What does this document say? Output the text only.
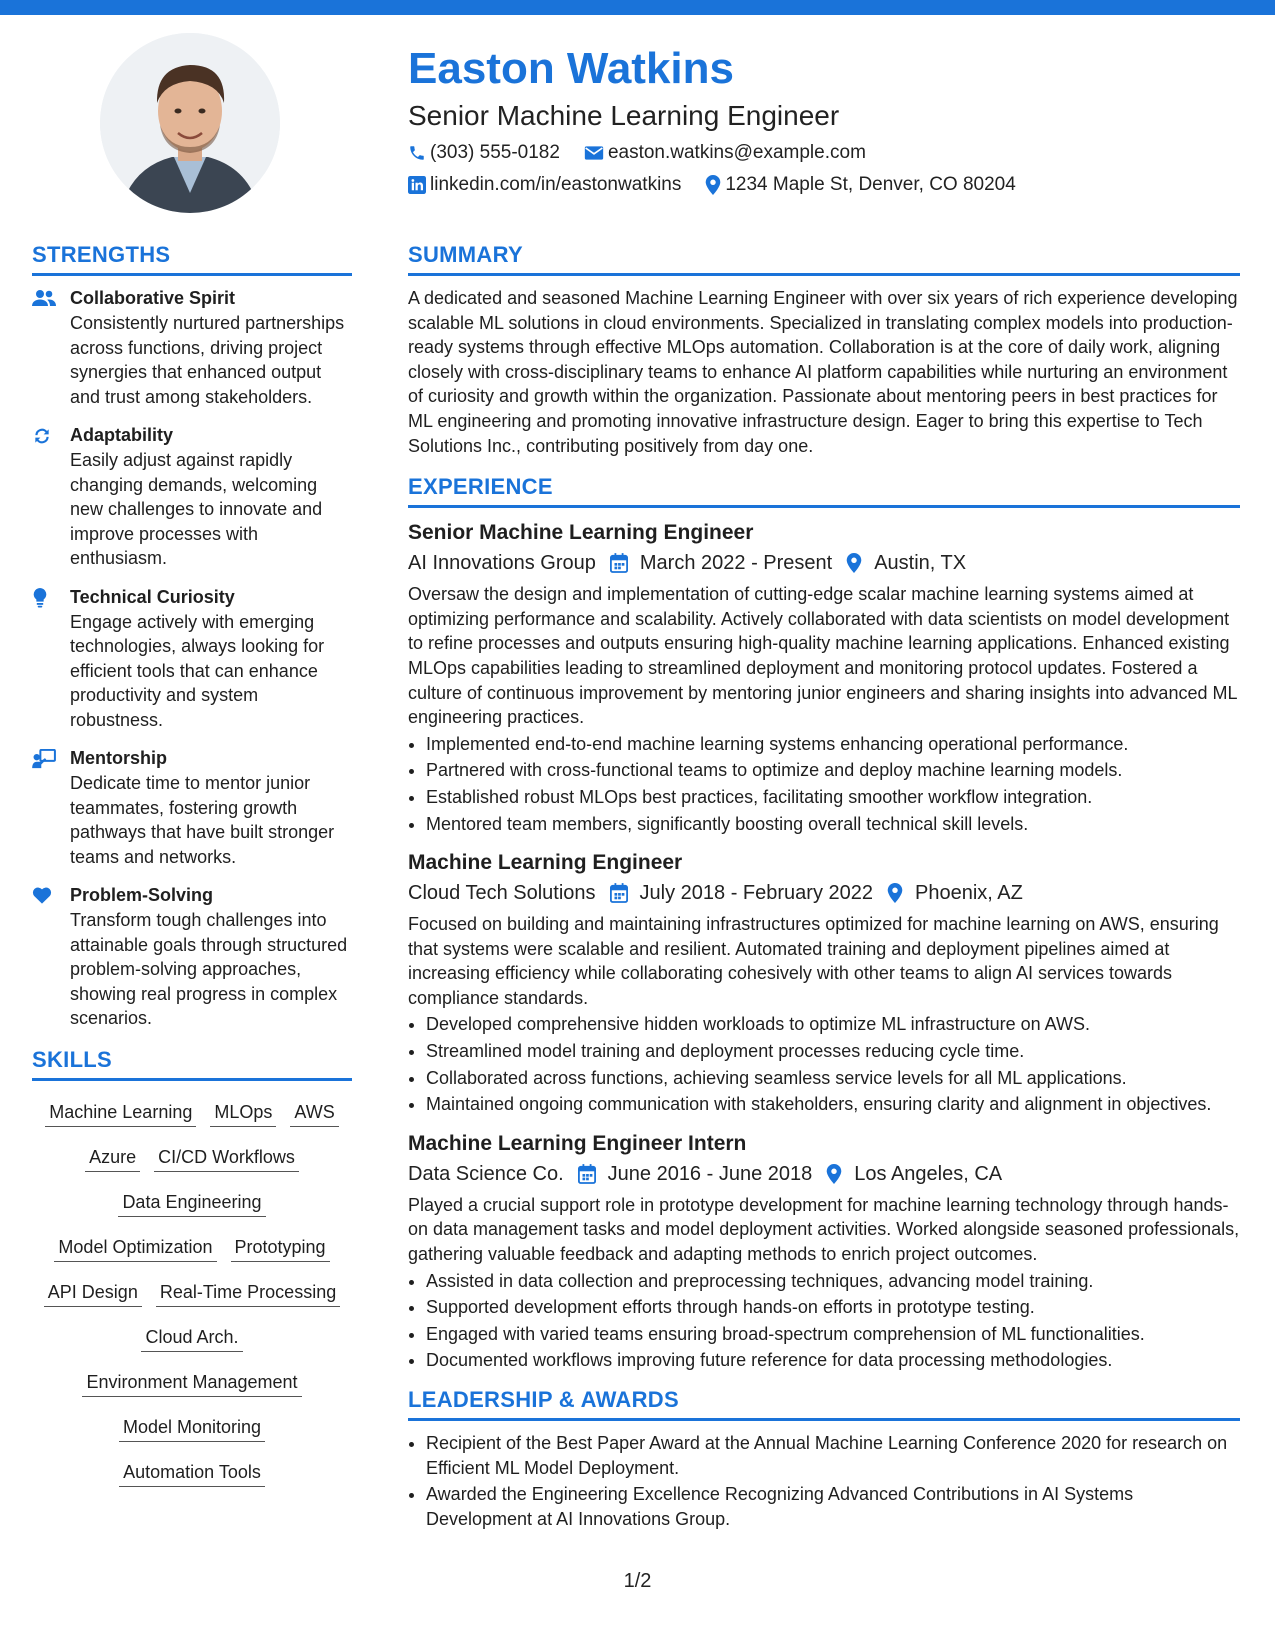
Easton Watkins
Senior Machine Learning Engineer
(303) 555-0182	easton.watkins@example.com
linkedin.com/in/eastonwatkins 1234 Maple St, Denver, CO 80204
STRENGTHS
Collaborative Spirit
Consistently nurtured partnerships across functions, driving project synergies that enhanced output and trust among stakeholders.
Adaptability
Easily adjust against rapidly changing demands, welcoming new challenges to innovate and improve processes with enthusiasm.
Technical Curiosity
Engage actively with emerging technologies, always looking for efficient tools that can enhance productivity and system robustness.
Mentorship
Dedicate time to mentor junior teammates, fostering growth pathways that have built stronger teams and networks.
Problem-Solving
Transform tough challenges into attainable goals through structured problem-solving approaches, showing real progress in complex scenarios.
SKILLS
Machine Learning MLOps AWS
Azure CI/CD Workflows
Data Engineering
Model Optimization Prototyping
API Design Real-Time Processing
Cloud Arch.
Environment Management
Model Monitoring
Automation Tools
SUMMARY

A dedicated and seasoned Machine Learning Engineer with over six years of rich experience developing scalable ML solutions in cloud environments. Specialized in translating complex models into production-ready systems through effective MLOps automation. Collaboration is at the core of daily work, aligning closely with cross-disciplinary teams to enhance AI platform capabilities while nurturing an environment of curiosity and growth within the organization. Passionate about mentoring peers in best practices for ML engineering and promoting innovative infrastructure design. Eager to bring this expertise to Tech Solutions Inc., contributing positively from day one.

EXPERIENCE
Senior Machine Learning Engineer
AI Innovations Group March 2022 - Present Austin, TX
Oversaw the design and implementation of cutting-edge scalar machine learning systems aimed at optimizing performance and scalability. Actively collaborated with data scientists on model development to refine processes and outputs ensuring high-quality machine learning applications. Enhanced existing MLOps capabilities leading to streamlined deployment and monitoring protocol updates. Fostered a culture of continuous improvement by mentoring junior engineers and sharing insights into advanced ML engineering practices.
• Implemented end-to-end machine learning systems enhancing operational performance.
• Partnered with cross-functional teams to optimize and deploy machine learning models.
• Established robust MLOps best practices, facilitating smoother workflow integration.
• Mentored team members, significantly boosting overall technical skill levels.
Machine Learning Engineer
Cloud Tech Solutions July 2018 - February 2022 Phoenix, AZ
Focused on building and maintaining infrastructures optimized for machine learning on AWS, ensuring that systems were scalable and resilient. Automated training and deployment pipelines aimed at increasing efficiency while collaborating cohesively with other teams to align AI services towards compliance standards.
• Developed comprehensive hidden workloads to optimize ML infrastructure on AWS.
• Streamlined model training and deployment processes reducing cycle time.
• Collaborated across functions, achieving seamless service levels for all ML applications.
• Maintained ongoing communication with stakeholders, ensuring clarity and alignment in objectives.
Machine Learning Engineer Intern
Data Science Co. June 2016 - June 2018 Los Angeles, CA
Played a crucial support role in prototype development for machine learning technology through hands-on data management tasks and model deployment activities. Worked alongside seasoned professionals, gathering valuable feedback and adapting methods to enrich project outcomes.
• Assisted in data collection and preprocessing techniques, advancing model training.
• Supported development efforts through hands-on efforts in prototype testing.
• Engaged with varied teams ensuring broad-spectrum comprehension of ML functionalities.
• Documented workflows improving future reference for data processing methodologies.
LEADERSHIP & AWARDS
• Recipient of the Best Paper Award at the Annual Machine Learning Conference 2020 for research on Efficient ML Model Deployment.
• Awarded the Engineering Excellence Recognizing Advanced Contributions in AI Systems Development at AI Innovations Group.
1/2
